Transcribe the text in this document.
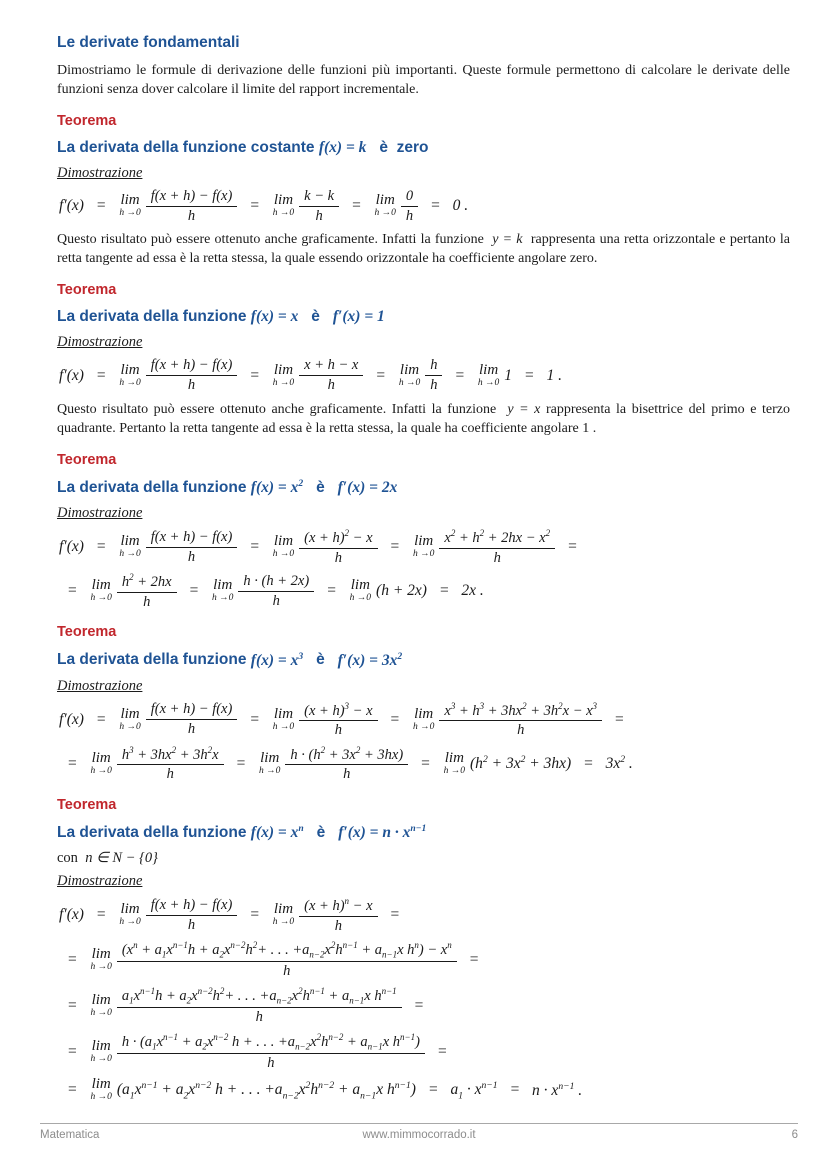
Le derivate fondamentali

Dimostriamo le formule di derivazione delle funzioni più importanti. Queste formule permettono di calcolare le derivate delle funzioni senza dover calcolare il limite del rapport incrementale.

Teorema
La derivata della funzione costante f(x) = k   è  zero

Dimostrazione

f′(x) = lim
$h \to 0 \frac{f(x + h) - f(x)}{h} = \lim$
$h \to 0 \frac{k - k}{h} = \lim$
$h \to 0 \frac{0}{h} = 0$ .

Questo risultato può essere ottenuto anche graficamente. Infatti la funzione  y = k  rappresenta una retta orizzontale e pertanto la retta tangente ad essa è la retta stessa, la quale essendo orizzontale ha coefficiente angolare zero.

Teorema
La derivata della funzione f(x) = x   è   f′(x) = 1

Dimostrazione

f′(x) = lim
$h \to 0 \frac{f(x + h) - f(x)}{h} = \lim$
$h \to 0 \frac{x + h - x}{h} = \lim$
$h \to 0 \frac{h}{h} = \lim$
h →0 1 = 1 .

Questo risultato può essere ottenuto anche graficamente. Infatti la funzione  y = x rappresenta la bisettrice del primo e terzo quadrante. Pertanto la retta tangente ad essa è la retta stessa, la quale ha coefficiente angolare 1 .

Teorema
La derivata della funzione $f(x) = x^2$   è   f′(x) = 2x

Dimostrazione

f′(x) = lim
$h \to 0 \frac{f(x + h) - f(x)}{h} = \lim$
$h \to 0 \frac{(x + h)^2 - x}{h} = \lim$
$h \to 0 \frac{x^2 + h^2 + 2hx - x^2}{h}$ =
= lim
$h \to 0 \frac{h^2 + 2hx}{h} = \lim$
$h \to 0 \frac{h \cdot (h + 2x)}{h} = \lim$
h →0 (h + 2x) = 2x .
Teorema
La derivata della funzione $f(x) = x^3$   è   $f'(x) = 3x^2$

Dimostrazione

f′(x) = lim
$h \to 0 \frac{f(x + h) - f(x)}{h} = \lim$
$h \to 0 \frac{(x + h)^3 - x}{h} = \lim$
$h \to 0 \frac{x^3 + h^3 + 3hx^2 + 3h^2x - x^3}{h}$ =
= lim
$h \to 0 \frac{h^3 + 3hx^2 + 3h^2x}{h} = \lim$
$h \to 0 \frac{h \cdot (h^2 + 3x^2 + 3hx)}{h} = \lim$
h →0 $(h^2 + 3x^2 + 3hx) = 3x^2$ .
Teorema
La derivata della funzione $f(x) = x^n$   è   $f'(x) = n \cdot x^{n-1}$

con  n ∈ N − {0}

Dimostrazione

f′(x) = lim
$h \to 0 \frac{f(x + h) - f(x)}{h} = \lim$
$h \to 0 \frac{(x + h)^n - x}{h}$ =
= lim
$h \to 0 \frac{(x^n + a_1x^{n-1}h + a_2x^{n-2}h^2+ . . . +a_{n-2}x^2h^{n-1} + a_{n-1}x h^n) - x^n}{h}$ =
= lim
$h \to 0 \frac{a_1x^{n-1}h + a_2x^{n-2}h^2+ . . . +a_{n-2}x^2h^{n-1} + a_{n-1}x h^{n-1}}{h}$ =
= lim
$h \to 0 \frac{h \cdot (a_1x^{n-1} + a_2x^{n-2} h + . . . +a_{n-2}x^2h^{n-2} + a_{n-1}x h^{n-1})}{h}$ =
= lim
h →0 ($a_1x^{n-1} + a_2x^{n-2}$ h + . . . $+a_{n-2}x^2h^{n-2} + a_{n-1}x$ $h^{n-1}) = a_1 \cdot x^{n-1} = n \cdot x^{n-1}$ .
Matematica	www.mimmocorrado.it	6
